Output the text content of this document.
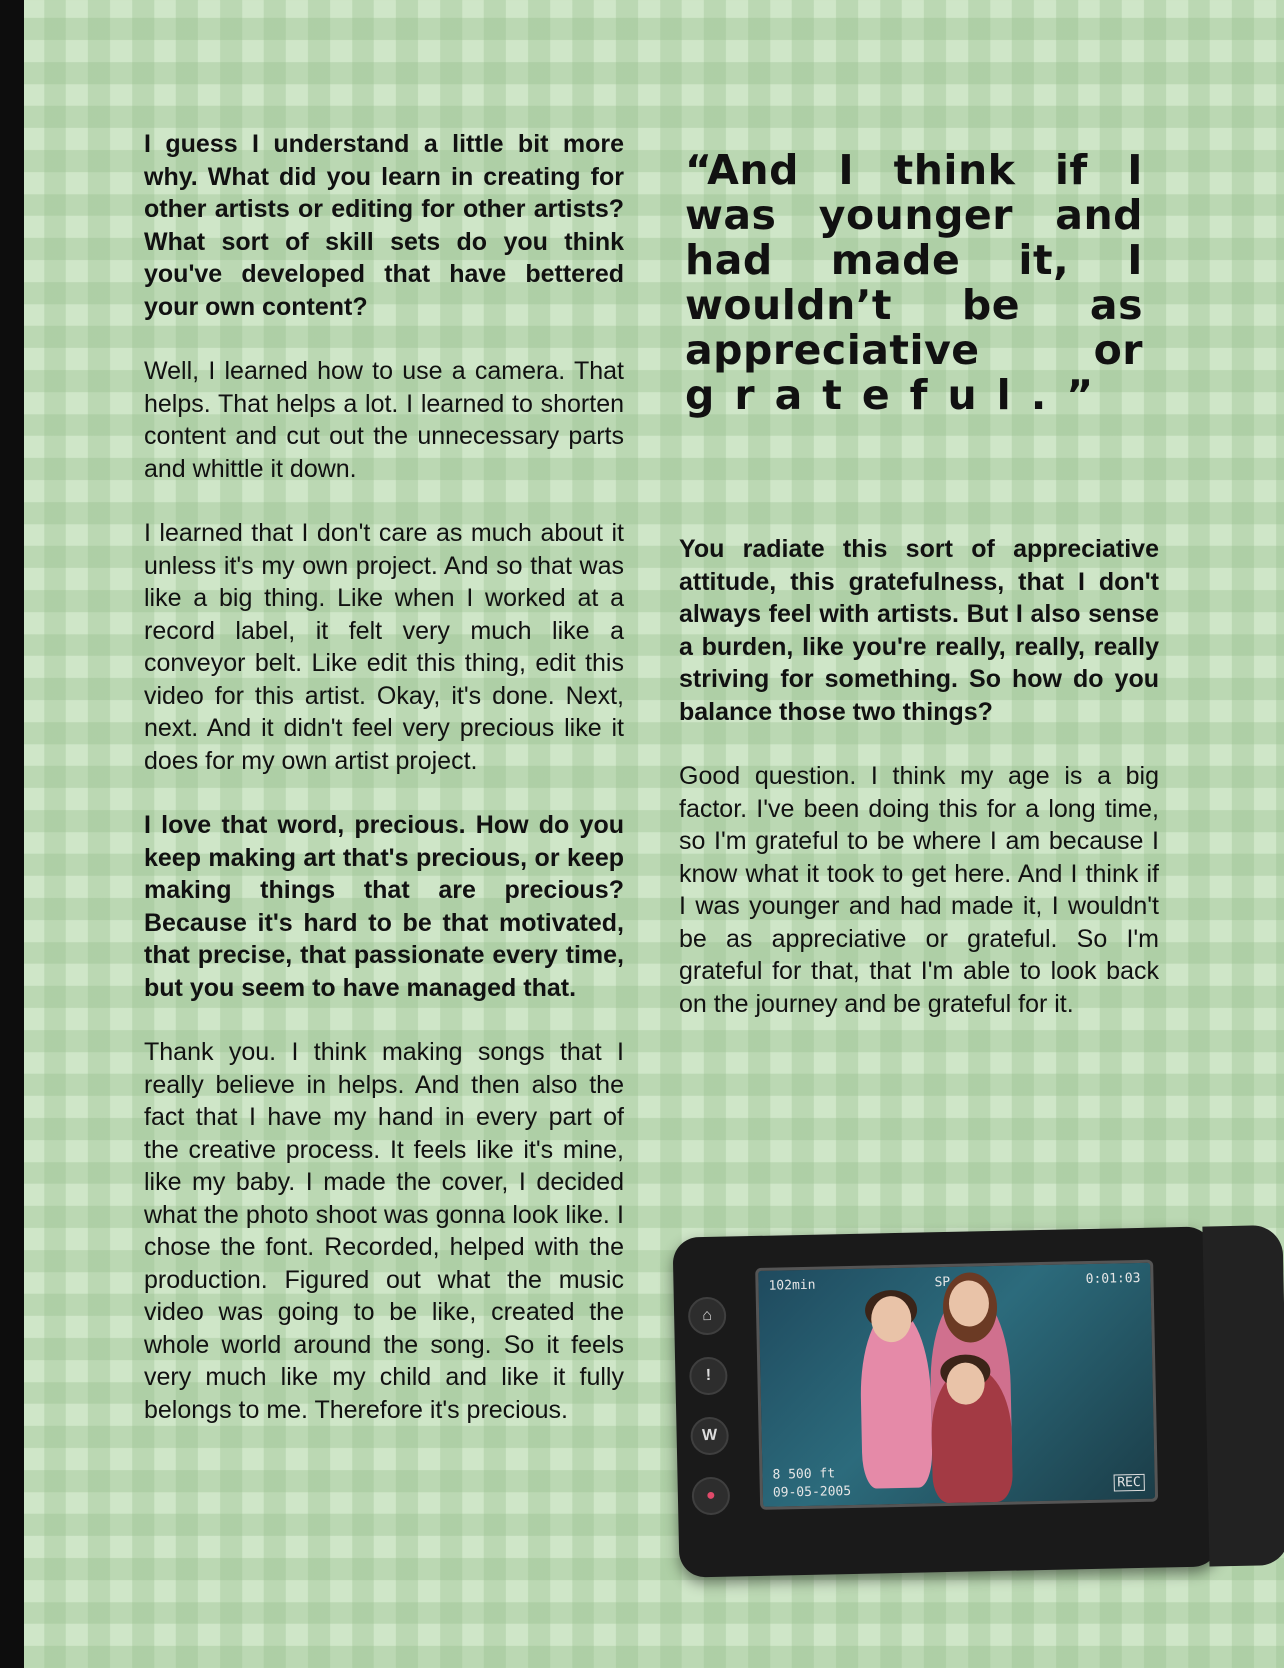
I guess I understand a little bit more why. What did you learn in creating for other artists or editing for other artists? What sort of skill sets do you think you've developed that have bettered your own content?

Well, I learned how to use a camera. That helps. That helps a lot. I learned to shorten content and cut out the unnecessary parts and whittle it down.

I learned that I don't care as much about it unless it's my own project. And so that was like a big thing. Like when I worked at a record label, it felt very much like a conveyor belt. Like edit this thing, edit this video for this artist. Okay, it's done. Next, next. And it didn't feel very precious like it does for my own artist project.

I love that word, precious. How do you keep making art that's precious, or keep making things that are precious? Because it's hard to be that motivated, that precise, that passionate every time, but you seem to have managed that.

Thank you. I think making songs that I really believe in helps. And then also the fact that I have my hand in every part of the creative process. It feels like it's mine, like my baby. I made the cover, I decided what the photo shoot was gonna look like. I chose the font. Recorded, helped with the production. Figured out what the music video was going to be like, created the whole world around the song. So it feels very much like my child and like it fully belongs to me. Therefore it's precious.

“And I think if I was younger and had made it, I wouldn’t be as appreciative or
grateful.”

You radiate this sort of appreciative attitude, this gratefulness, that I don't always feel with artists. But I also sense a burden, like you're really, really, really striving for something. So how do you balance those two things?

Good question. I think my age is a big factor. I've been doing this for a long time, so I'm grateful to be where I am because I know what it took to get here. And I think if I was younger and had made it, I wouldn't be as appreciative or grateful. So I'm grateful for that, that I'm able to look back on the journey and be grateful for it.

⌂
!
W
●
102min	SP	0:01:03
8 500 ft
09-05-2005
REC
